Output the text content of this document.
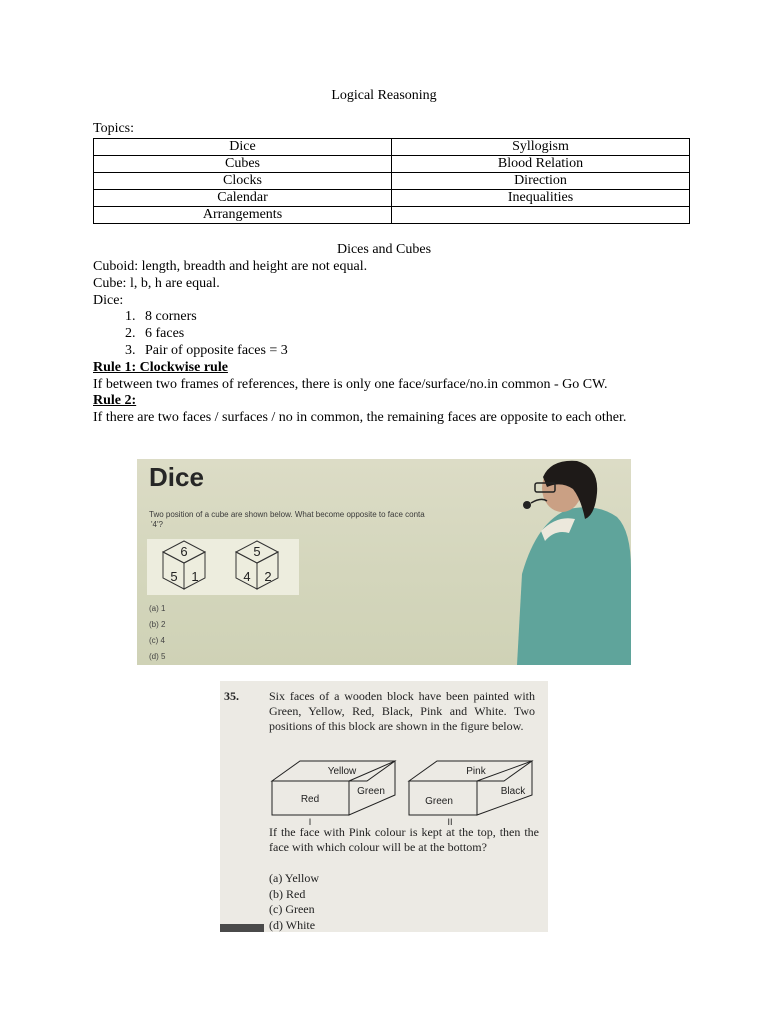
Logical Reasoning
Topics:
Dice	Syllogism
Cubes	Blood Relation
Clocks	Direction
Calendar	Inequalities
Arrangements	
Dices and Cubes

Cuboid: length, breadth and height are not equal.

Cube: l, b, h are equal.

Dice:

1. 8 corners
2. 6 faces
3. Pair of opposite faces = 3

Rule 1: Clockwise rule

If between two frames of references, there is only one face/surface/no.in common - Go CW.

Rule 2:

If there are two faces / surfaces / no in common, the remaining faces are opposite to each other.

Dice
Two position of a cube are shown below. What become opposite to face conta
'4'?
6
5 1
5
4 2
(a) 1
(b) 2
(c) 4
(d) 5
35.	Six faces of a wooden block have been painted with Green, Yellow, Red, Black, Pink and White. Two positions of this block are shown in the figure below.
Yellow
Red
Green
I
Pink
Green
Black
II
If the face with Pink colour is kept at the top, then the face with which colour will be at the bottom?
(a) Yellow
(b) Red
(c) Green
(d) White
